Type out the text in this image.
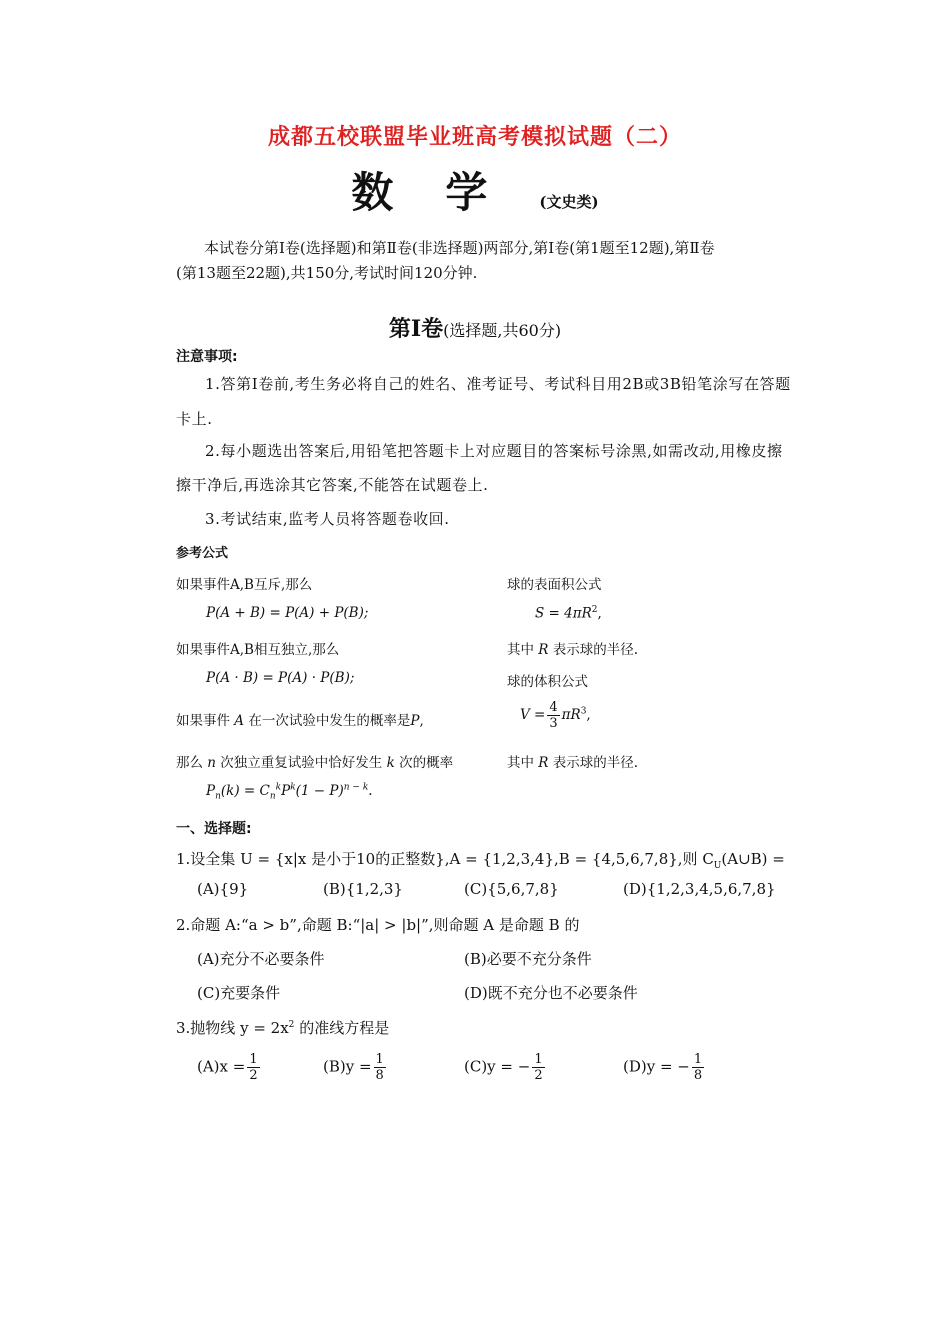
成都五校联盟毕业班高考模拟试题（二）
数学(文史类)
本试卷分第Ⅰ卷(选择题)和第Ⅱ卷(非选择题)两部分,第Ⅰ卷(第1题至12题),第Ⅱ卷
(第13题至22题),共150分,考试时间120分钟.
第Ⅰ卷(选择题,共60分)
注意事项:
1.答第Ⅰ卷前,考生务必将自己的姓名、准考证号、考试科目用2B或3B铅笔涂写在答题
卡上.
2.每小题选出答案后,用铅笔把答题卡上对应题目的答案标号涂黑,如需改动,用橡皮擦
擦干净后,再选涂其它答案,不能答在试题卷上.
3.考试结束,监考人员将答题卷收回.
参考公式
如果事件A,B互斥,那么
P(A + B) = P(A) + P(B);
如果事件A,B相互独立,那么
P(A · B) = P(A) · P(B);
如果事件 A 在一次试验中发生的概率是P,
那么 n 次独立重复试验中恰好发生 k 次的概率
$P_n(k) = C_n^kP^k(1 - P)^{n - k}$.
球的表面积公式
$S = 4\pi R^2$,
其中 R 表示球的半径.
球的体积公式
$V = \frac{4}{3} \pi R^3$,
其中 R 表示球的半径.
一、选择题:
1.设全集 U = {x|x 是小于10的正整数},A = {1,2,3,4},B = {4,5,6,7,8},则 $C_U(A\cup B)$ =
(A){9}	(B){1,2,3}	(C){5,6,7,8}	(D){1,2,3,4,5,6,7,8}
2.命题 A:“a > b”,命题 B:“|a| > |b|”,则命题 A 是命题 B 的
(A)充分不必要条件	(B)必要不充分条件
(C)充要条件	(D)既不充分也不必要条件
3.抛物线 $y = 2x^2$ 的准线方程是
$(A)x = \frac{1}{2}$	$(B)y = \frac{1}{8}$	(C)y = − $\frac{1}{2}$	(D)y = − $\frac{1}{8}$
